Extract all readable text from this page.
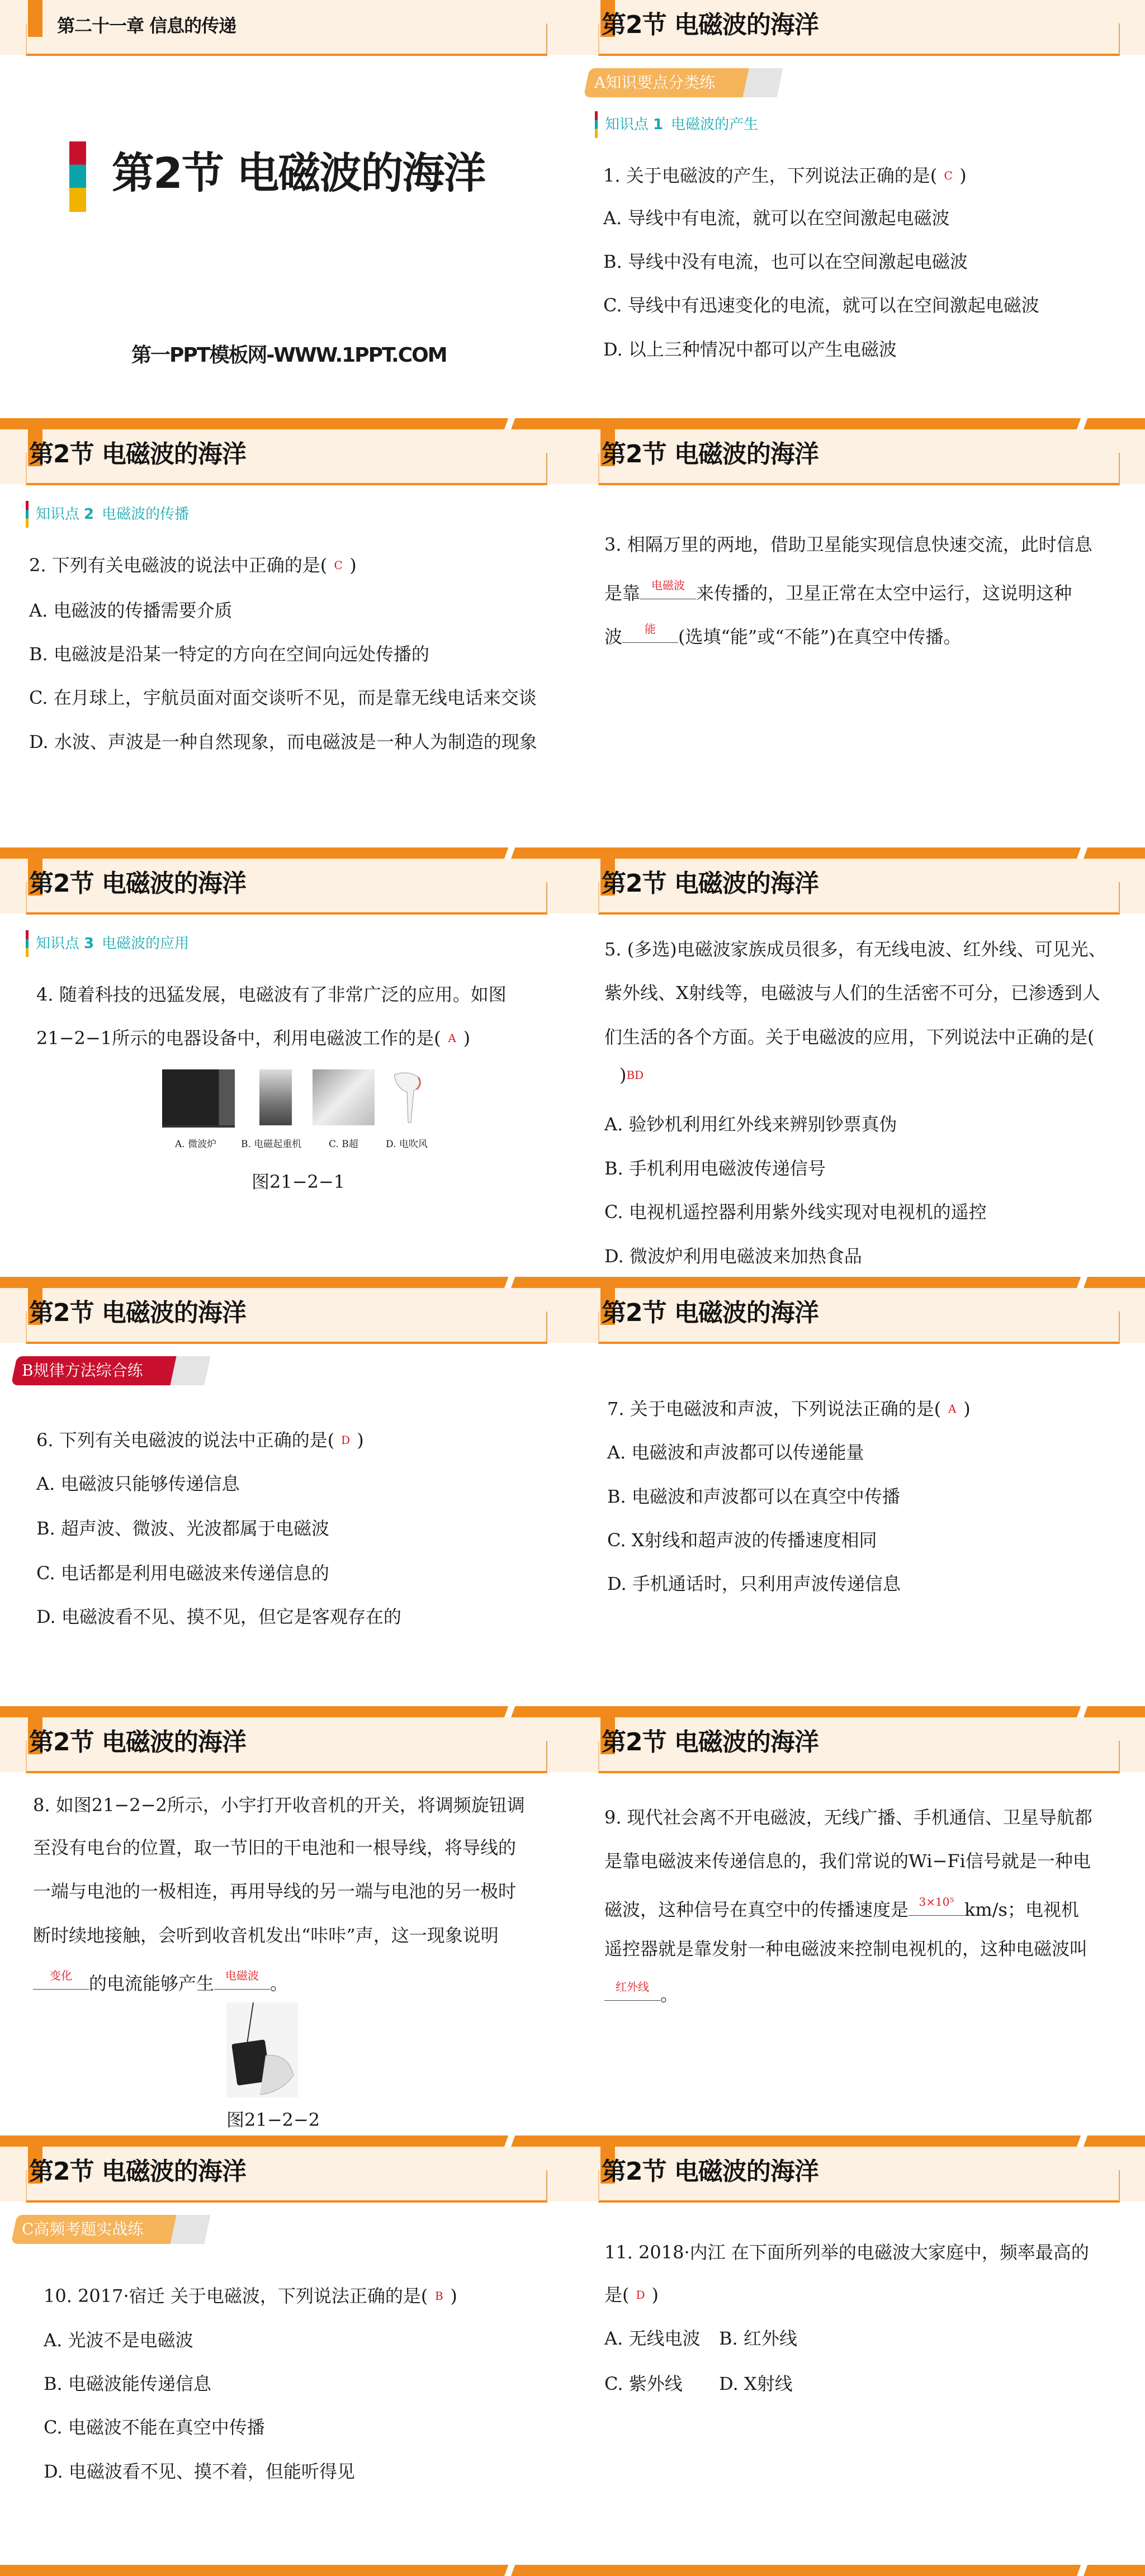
第二十一章 信息的传递
第2节 电磁波的海洋
第一PPT模板网-WWW.1PPT.COM
第2节 电磁波的海洋
A知识要点分类练
知识点 1 电磁波的产生
1. 关于电磁波的产生，下列说法正确的是( C )
A. 导线中有电流，就可以在空间激起电磁波
B. 导线中没有电流，也可以在空间激起电磁波
C. 导线中有迅速变化的电流，就可以在空间激起电磁波
D. 以上三种情况中都可以产生电磁波
第2节 电磁波的海洋
知识点 2 电磁波的传播
2. 下列有关电磁波的说法中正确的是( C )
A. 电磁波的传播需要介质
B. 电磁波是沿某一特定的方向在空间向远处传播的
C. 在月球上，宇航员面对面交谈听不见，而是靠无线电话来交谈
D. 水波、声波是一种自然现象，而电磁波是一种人为制造的现象
第2节 电磁波的海洋
3. 相隔万里的两地，借助卫星能实现信息快速交流，此时信息
是靠	电磁波 来传播的，卫星正常在太空中运行，这说明这种
波	能	(选填“能”或“不能”)在真空中传播。
第2节 电磁波的海洋
知识点 3 电磁波的应用
4. 随着科技的迅猛发展，电磁波有了非常广泛的应用。如图
21−2−1所示的电器设备中，利用电磁波工作的是( A )
A. 微波炉	B. 电磁起重机	C. B超	D. 电吹风
图21−2−1
第2节 电磁波的海洋
5. (多选)电磁波家族成员很多，有无线电波、红外线、可见光、
紫外线、X射线等，电磁波与人们的生活密不可分，已渗透到人
们生活的各个方面。关于电磁波的应用，下列说法中正确的是(
)BD
A. 验钞机利用红外线来辨别钞票真伪
B. 手机利用电磁波传递信号
C. 电视机遥控器利用紫外线实现对电视机的遥控
D. 微波炉利用电磁波来加热食品
第2节 电磁波的海洋
B规律方法综合练
6. 下列有关电磁波的说法中正确的是( D )
A. 电磁波只能够传递信息
B. 超声波、微波、光波都属于电磁波
C. 电话都是利用电磁波来传递信息的
D. 电磁波看不见、摸不见，但它是客观存在的
第2节 电磁波的海洋
7. 关于电磁波和声波，下列说法正确的是( A )
A. 电磁波和声波都可以传递能量
B. 电磁波和声波都可以在真空中传播
C. X射线和超声波的传播速度相同
D. 手机通话时，只利用声波传递信息
第2节 电磁波的海洋
8. 如图21−2−2所示，小宇打开收音机的开关，将调频旋钮调
至没有电台的位置，取一节旧的干电池和一根导线，将导线的
一端与电池的一极相连，再用导线的另一端与电池的另一极时
断时续地接触，会听到收音机发出“咔咔”声，这一现象说明
变化 的电流能够产生	电磁波 。
图21−2−2
第2节 电磁波的海洋
9. 现代社会离不开电磁波，无线广播、手机通信、卫星导航都
是靠电磁波来传递信息的，我们常说的Wi−Fi信号就是一种电
磁波，这种信号在真空中的传播速度是 3×10⁵ km/s；电视机
遥控器就是靠发射一种电磁波来控制电视机的，这种电磁波叫
红外线 。
第2节 电磁波的海洋
C高频考题实战练
10. 2017·宿迁 关于电磁波，下列说法正确的是( B )
A. 光波不是电磁波
B. 电磁波能传递信息
C. 电磁波不能在真空中传播
D. 电磁波看不见、摸不着，但能听得见
第2节 电磁波的海洋
11. 2018·内江 在下面所列举的电磁波大家庭中，频率最高的
是( D )
A. 无线电波 B. 红外线
C. 紫外线 D. X射线
